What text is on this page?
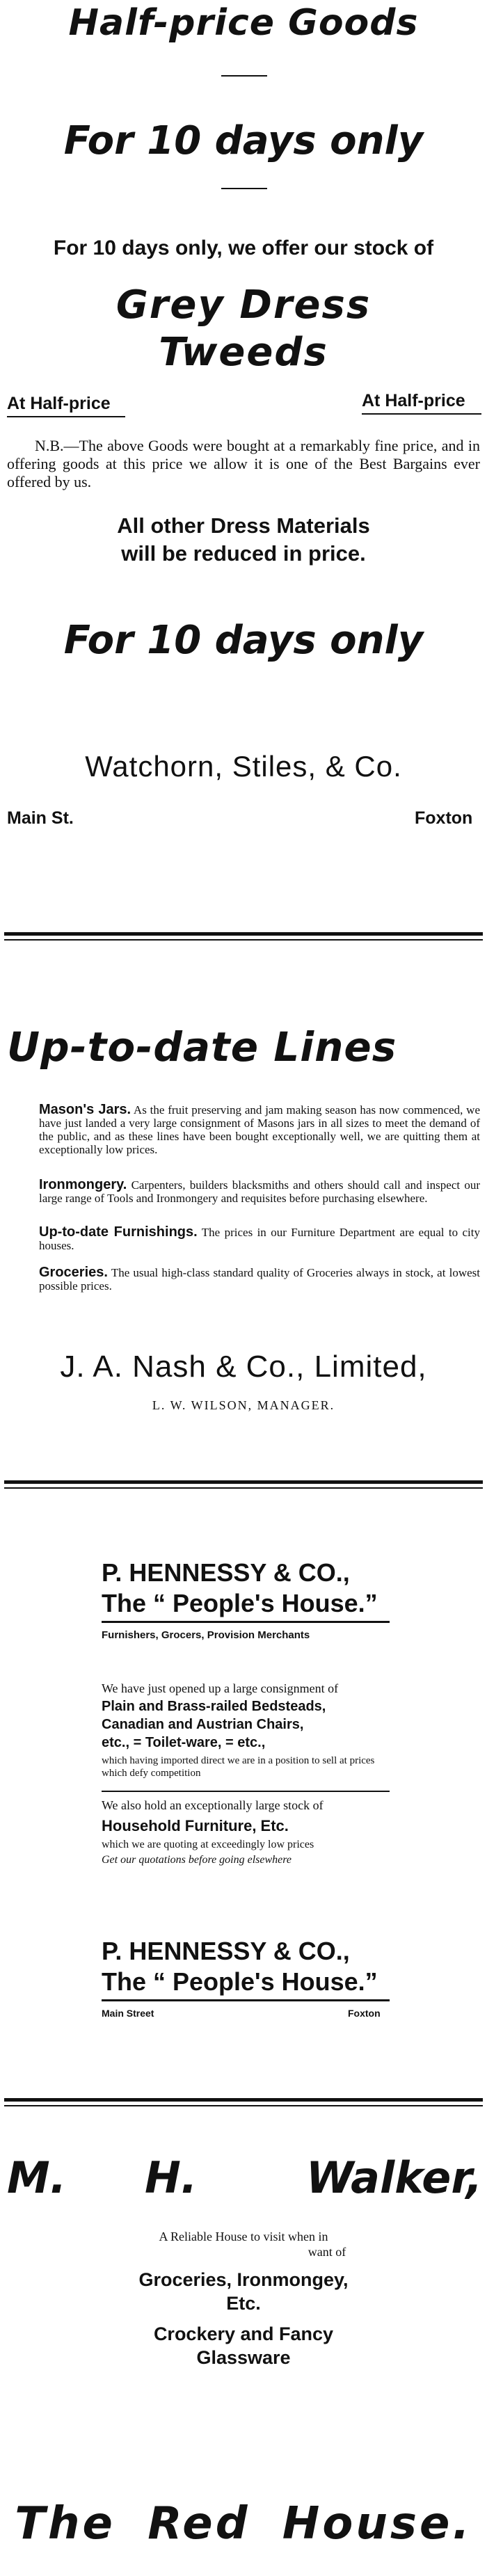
Half-price Goods
For 10 days only
For 10 days only, we offer our stock of
Grey Dress
Tweeds
At Half-price	At Half-price
N.B.—The above Goods were bought at a remarkably fine price, and in offering goods at this price we allow it is one of the Best Bargains ever offered by us.
All other Dress Materials
will be reduced in price.
For 10 days only
Watchorn, Stiles, & Co.
Main St.	Foxton
Up-to-date Lines
Mason's Jars. As the fruit preserving and jam making season has now commenced, we have just landed a very large consignment of Masons jars in all sizes to meet the demand of the public, and as these lines have been bought exceptionally well, we are quitting them at exceptionally low prices.
Ironmongery. Carpenters, builders blacksmiths and others should call and inspect our large range of Tools and Ironmongery and requisites before purchasing elsewhere.
Up-to-date Furnishings. The prices in our Furniture Department are equal to city houses.
Groceries. The usual high-class standard quality of Groceries always in stock, at lowest possible prices.
J. A. Nash & Co., Limited,
L. W. WILSON, MANAGER.
P. HENNESSY & CO.,
The “ People's House.”
Furnishers, Grocers, Provision Merchants
We have just opened up a large consignment of
Plain and Brass-railed Bedsteads,
Canadian and Austrian Chairs,
etc., = Toilet-ware, = etc.,
which having imported direct we are in a position to sell at prices which defy competition
We also hold an exceptionally large stock of
Household Furniture, Etc.
which we are quoting at exceedingly low prices
Get our quotations before going elsewhere
P. HENNESSY & CO.,
The “ People's House.”
Main Street	Foxton
M. H.	Walker,
A Reliable House to visit when in
want of
Groceries, Ironmongey,
Etc.
Crockery and Fancy
Glassware
The Red House.
